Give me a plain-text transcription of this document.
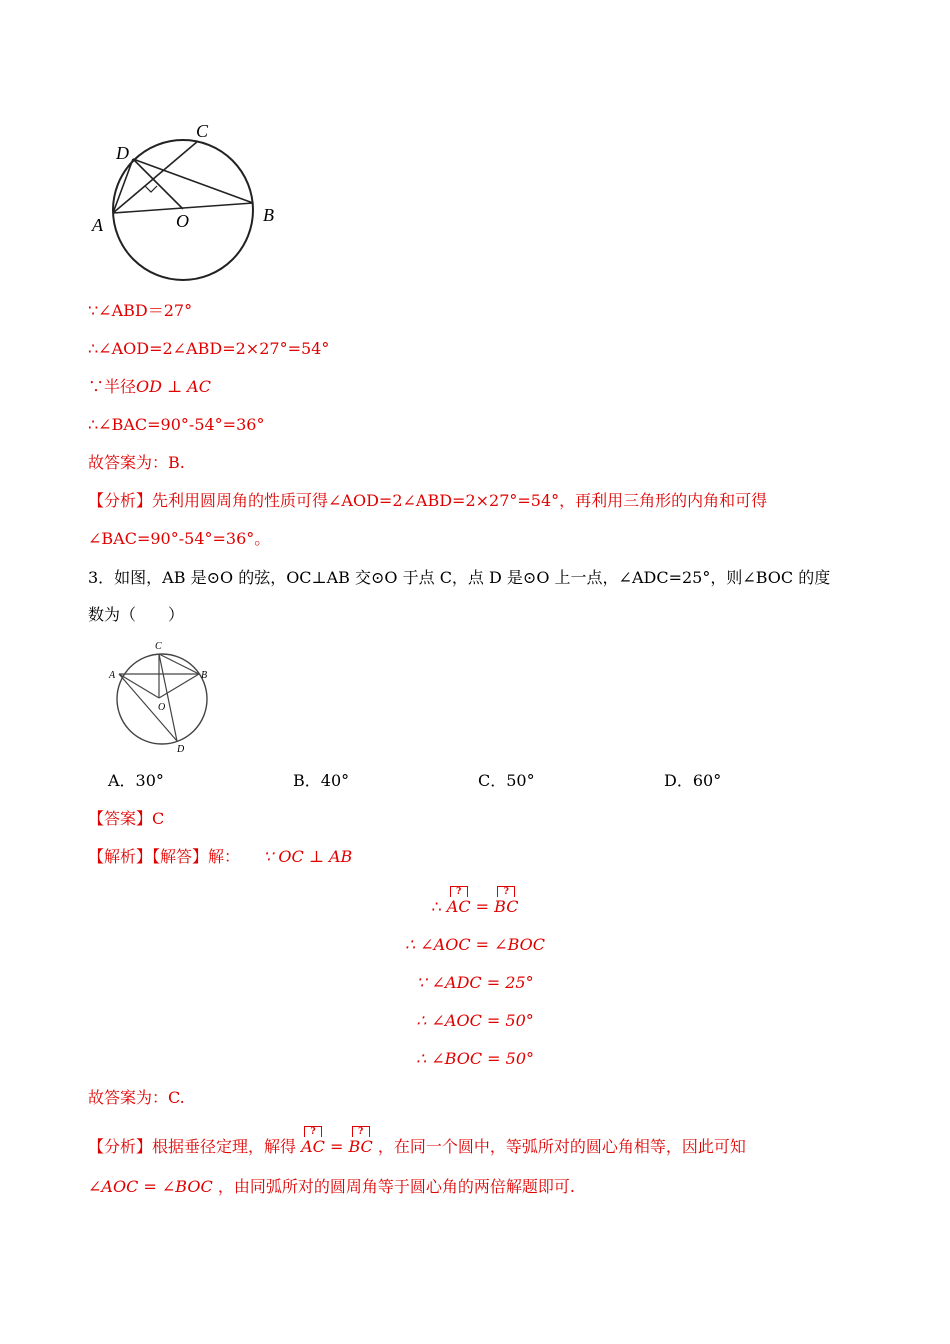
D
C
A	O	B
∵∠ABD＝27°
∴∠AOD=2∠ABD=2×27°=54°
∵半径OD ⊥ AC
∴∠BAC=90°-54°=36°
故答案为：B.
【分析】先利用圆周角的性质可得∠AOD=2∠ABD=2×27°=54°，再利用三角形的内角和可得
∠BAC=90°-54°=36°。
3．如图，AB 是⊙O 的弦，OC⊥AB 交⊙O 于点 C，点 D 是⊙O 上一点，∠ADC=25°，则∠BOC 的度
数为（　　）
C
A	B
O
D
A．30°	B．40°	C．50°	D．60°
【答案】C
【解析】【解答】解： ∵ OC ⊥ AB
∴
?
AC =
?
BC
∴ ∠AOC = ∠BOC
∵ ∠ADC = 25°
∴ ∠AOC = 50°
∴ ∠BOC = 50°
故答案为：C.
【分析】根据垂径定理，解得
?
AC =
?
BC ，在同一个圆中，等弧所对的圆心角相等，因此可知
∠AOC = ∠BOC ，由同弧所对的圆周角等于圆心角的两倍解题即可.
